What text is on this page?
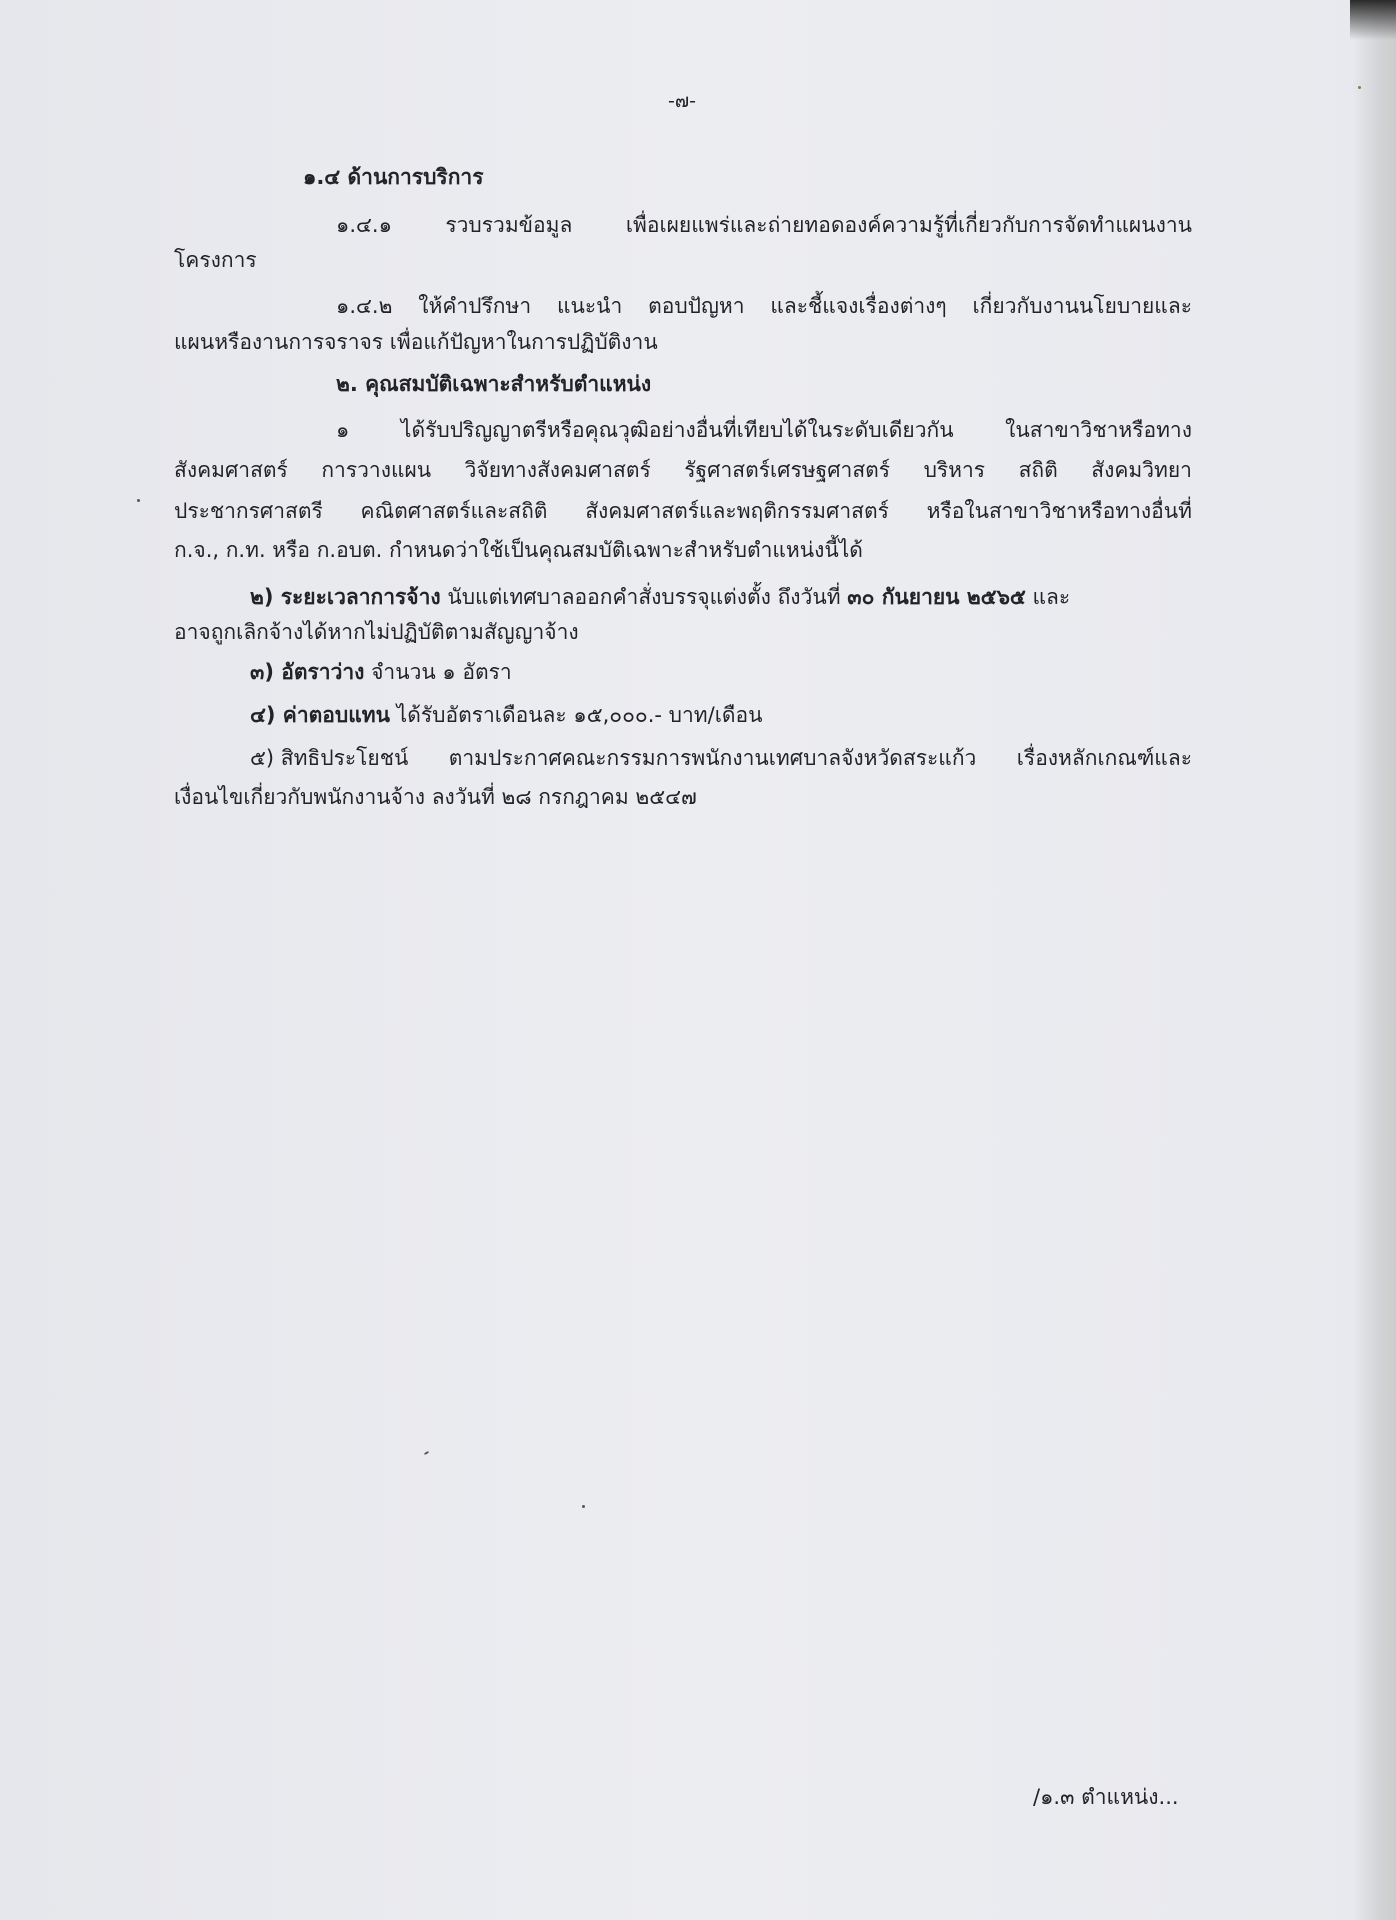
-๗-
๑.๔ ด้านการบริการ
๑.๔.๑	รวบรวมข้อมูล	เพื่อเผยแพร่และถ่ายทอดองค์ความรู้ที่เกี่ยวกับการจัดทำแผนงาน
โครงการ
๑.๔.๒ ให้คำปรึกษา แนะนำ ตอบปัญหา และชี้แจงเรื่องต่างๆ เกี่ยวกับงานนโยบายและ
แผนหรืองานการจราจร เพื่อแก้ปัญหาในการปฏิบัติงาน
๒. คุณสมบัติเฉพาะสำหรับตำแหน่ง
๑ ได้รับปริญญาตรีหรือคุณวุฒิอย่างอื่นที่เทียบได้ในระดับเดียวกัน ในสาขาวิชาหรือทาง
สังคมศาสตร์ การวางแผน วิจัยทางสังคมศาสตร์ รัฐศาสตร์เศรษฐศาสตร์ บริหาร สถิติ สังคมวิทยา
ประชากรศาสตรี คณิตศาสตร์และสถิติ สังคมศาสตร์และพฤติกรรมศาสตร์ หรือในสาขาวิชาหรือทางอื่นที่
ก.จ., ก.ท. หรือ ก.อบต. กำหนดว่าใช้เป็นคุณสมบัติเฉพาะสำหรับตำแหน่งนี้ได้
๒) ระยะเวลาการจ้าง นับแต่เทศบาลออกคำสั่งบรรจุแต่งตั้ง ถึงวันที่ ๓๐ กันยายน ๒๕๖๕ และ
อาจถูกเลิกจ้างได้หากไม่ปฏิบัติตามสัญญาจ้าง
๓) อัตราว่าง จำนวน ๑ อัตรา
๔) ค่าตอบแทน ได้รับอัตราเดือนละ ๑๕,๐๐๐.- บาท/เดือน
๕) สิทธิประโยชน์ ตามประกาศคณะกรรมการพนักงานเทศบาลจังหวัดสระแก้ว เรื่องหลักเกณฑ์และ
เงื่อนไขเกี่ยวกับพนักงานจ้าง ลงวันที่ ๒๘ กรกฎาคม ๒๕๔๗
/๑.๓ ตำแหน่ง...
